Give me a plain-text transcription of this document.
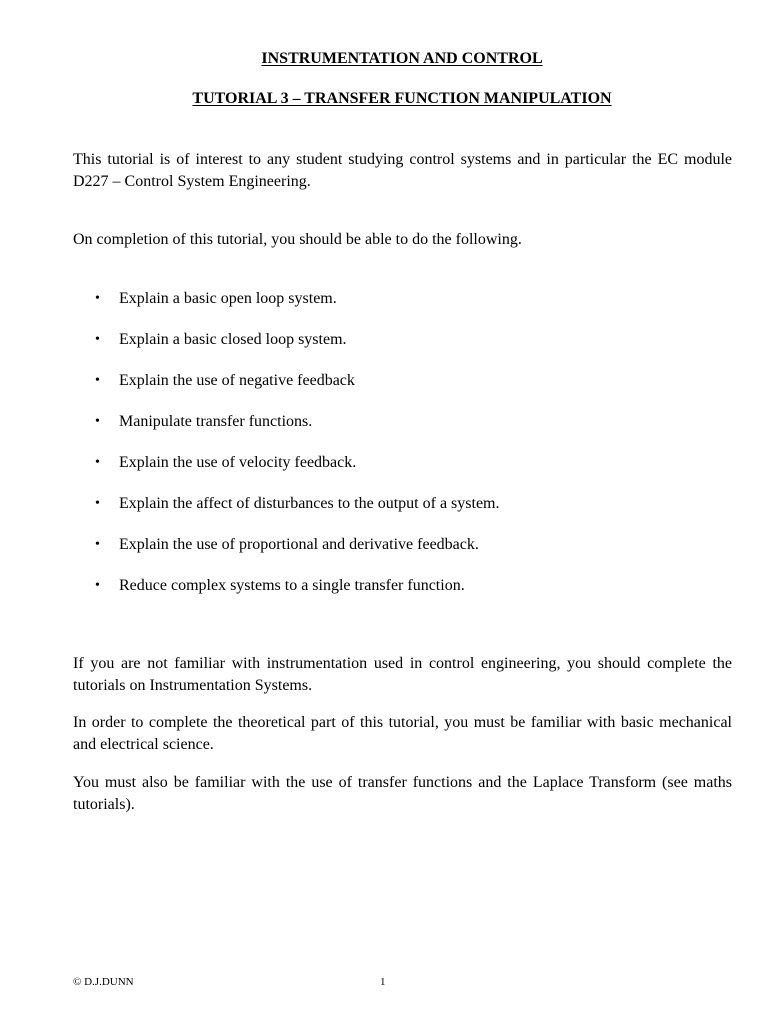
INSTRUMENTATION AND CONTROL
TUTORIAL 3 – TRANSFER FUNCTION MANIPULATION

This tutorial is of interest to any student studying control systems and in particular the EC module D227 – Control System Engineering.

On completion of this tutorial, you should be able to do the following.

• Explain a basic open loop system.
• Explain a basic closed loop system.
• Explain the use of negative feedback
• Manipulate transfer functions.
• Explain the use of velocity feedback.
• Explain the affect of disturbances to the output of a system.
• Explain the use of proportional and derivative feedback.
• Reduce complex systems to a single transfer function.

If you are not familiar with instrumentation used in control engineering, you should complete the tutorials on Instrumentation Systems.

In order to complete the theoretical part of this tutorial, you must be familiar with basic mechanical and electrical science.

You must also be familiar with the use of transfer functions and the Laplace Transform (see maths tutorials).

© D.J.DUNN	1
